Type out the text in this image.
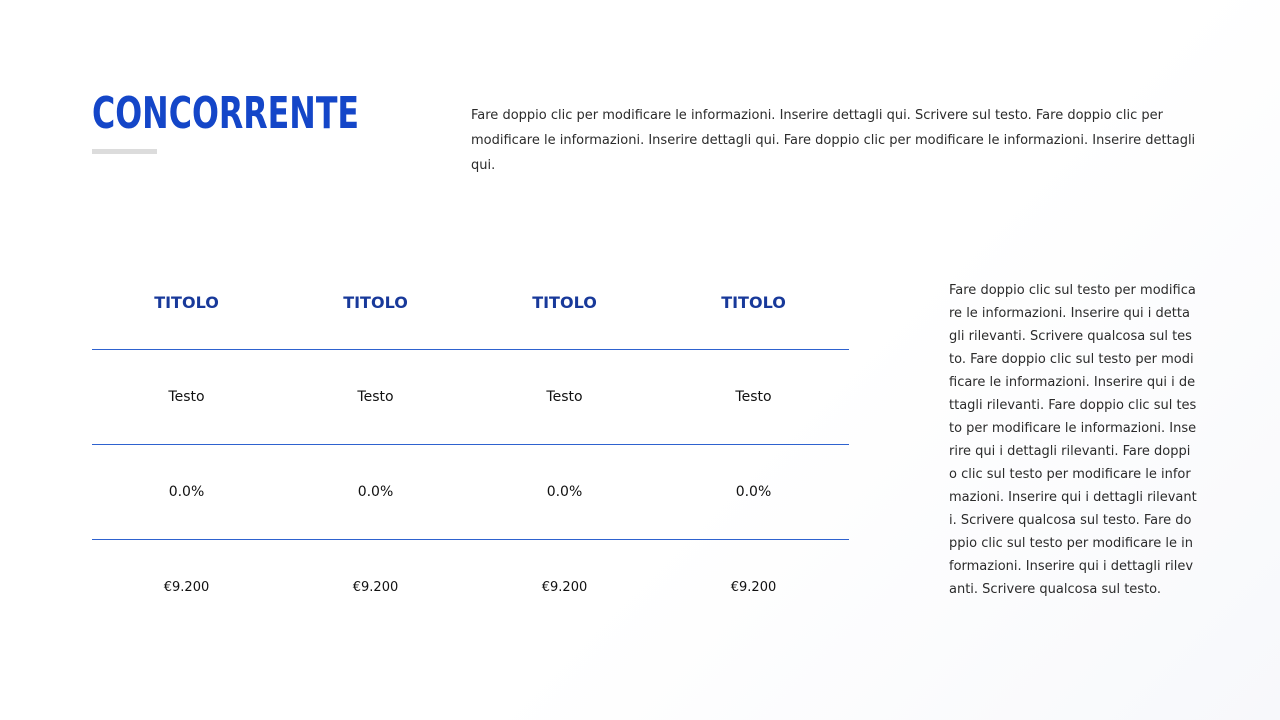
CONCORRENTE	Fare doppio clic per modificare le informazioni. Inserire dettagli qui. Scrivere sul testo. Fare doppio clic per modificare le informazioni. Inserire dettagli qui. Fare doppio clic per modificare le informazioni. Inserire dettagli qui.

TITOLO	TITOLO	TITOLO	TITOLO
Testo	Testo	Testo	Testo
0.0%	0.0%	0.0%	0.0%
€9.200	€9.200	€9.200	€9.200

Fare doppio clic sul testo per modificare le informazioni. Inserire qui i dettagli rilevanti. Scrivere qualcosa sul testo. Fare doppio clic sul testo per modificare le informazioni. Inserire qui i dettagli rilevanti. Fare doppio clic sul testo per modificare le informazioni. Inserire qui i dettagli rilevanti. Fare doppio clic sul testo per modificare le informazioni. Inserire qui i dettagli rilevanti. Scrivere qualcosa sul testo. Fare doppio clic sul testo per modificare le informazioni. Inserire qui i dettagli rilevanti. Scrivere qualcosa sul testo.
